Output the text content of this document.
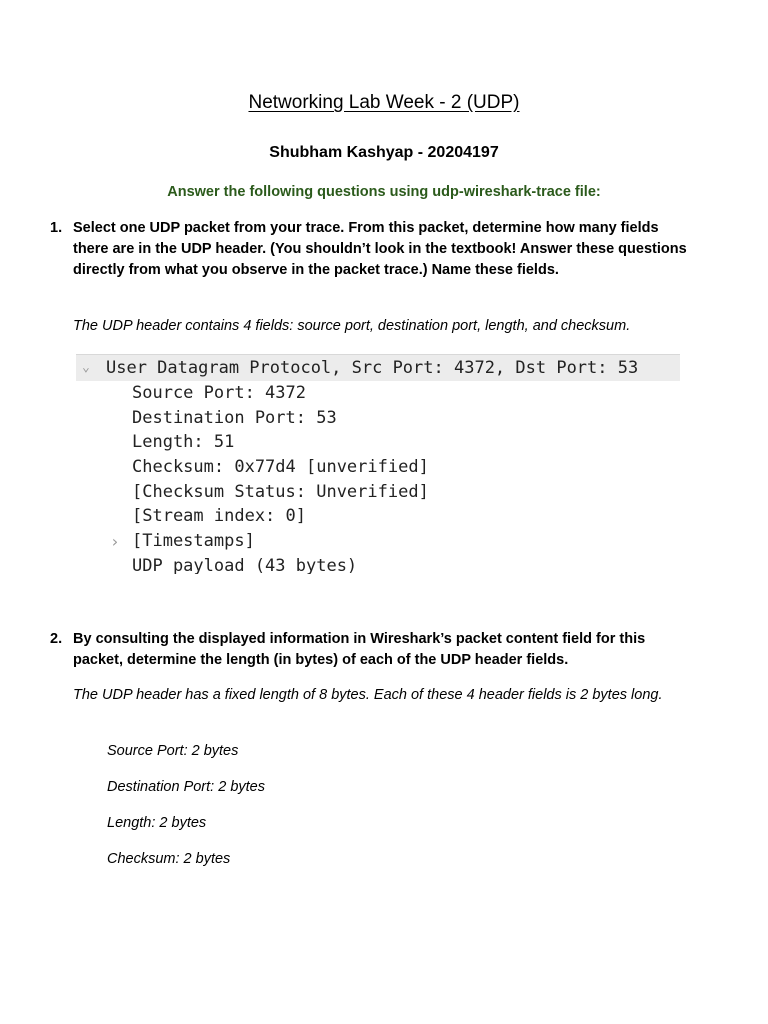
Networking Lab Week - 2 (UDP)
Shubham Kashyap - 20204197
Answer the following questions using udp-wireshark-trace file:
1. Select one UDP packet from your trace. From this packet, determine how many fields there are in the UDP header. (You shouldn’t look in the textbook! Answer these questions directly from what you observe in the packet trace.) Name these fields.
The UDP header contains 4 fields: source port, destination port, length, and checksum.
⌄ User Datagram Protocol, Src Port: 4372, Dst Port: 53
Source Port: 4372
Destination Port: 53
Length: 51
Checksum: 0x77d4 [unverified]
[Checksum Status: Unverified]
[Stream index: 0]
› [Timestamps]
UDP payload (43 bytes)
2. By consulting the displayed information in Wireshark’s packet content field for this packet, determine the length (in bytes) of each of the UDP header fields.
The UDP header has a fixed length of 8 bytes. Each of these 4 header fields is 2 bytes long.
Source Port: 2 bytes
Destination Port: 2 bytes
Length: 2 bytes
Checksum: 2 bytes
